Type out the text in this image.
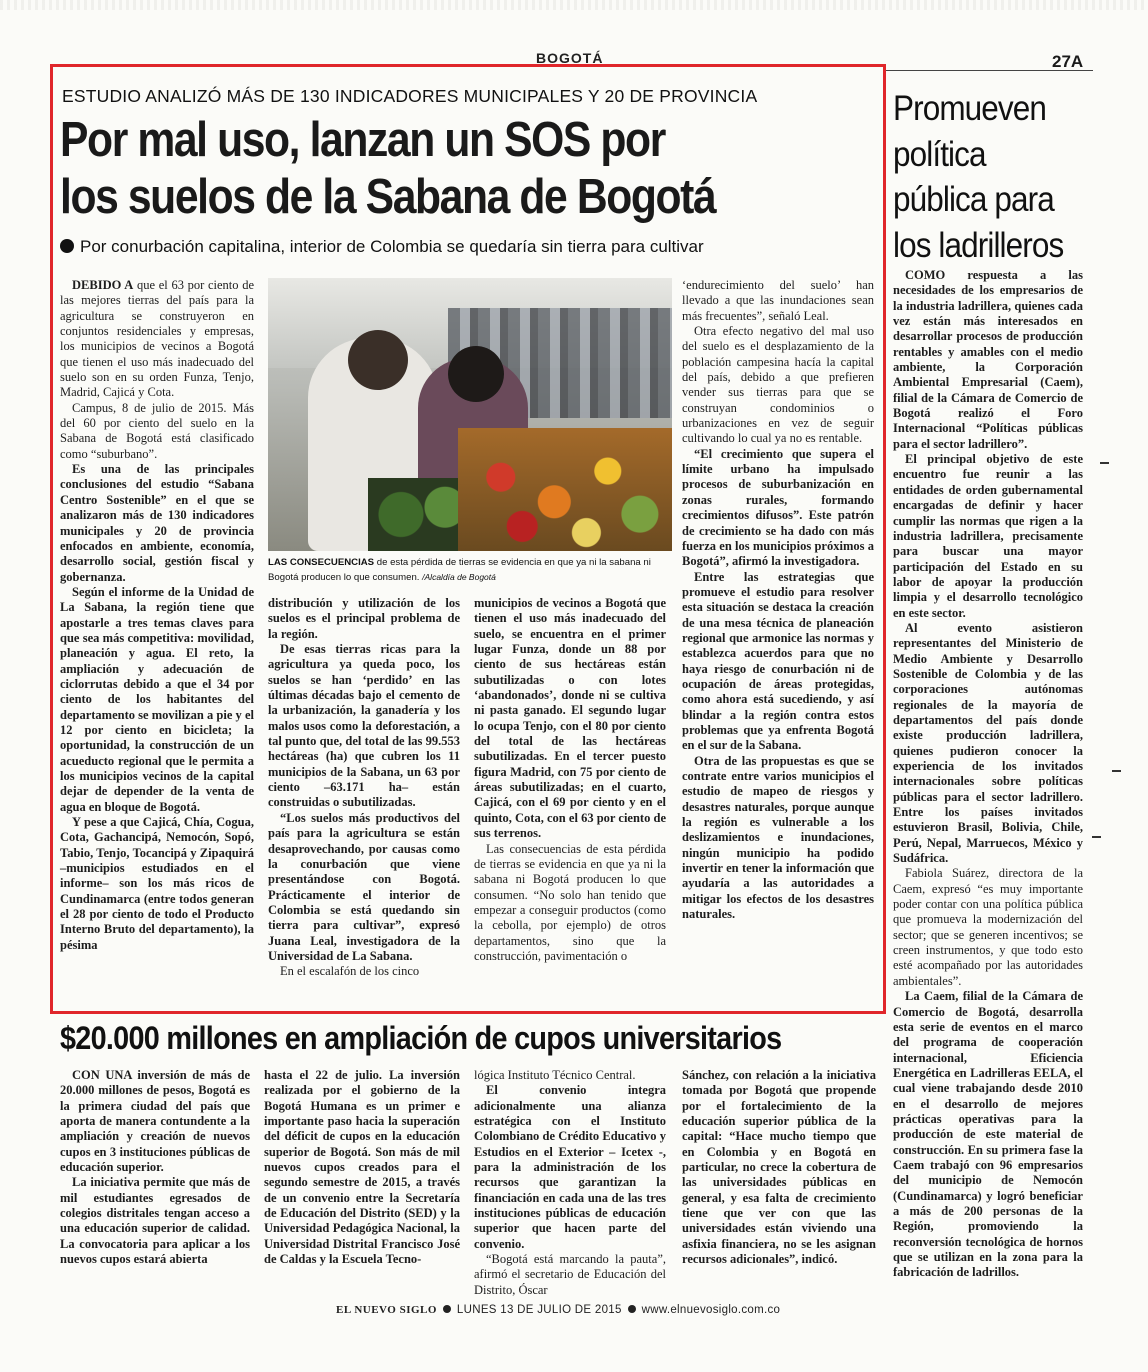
BOGOTÁ	27A
ESTUDIO ANALIZÓ MÁS DE 130 INDICADORES MUNICIPALES Y 20 DE PROVINCIA
Por mal uso, lanzan un SOS por
los suelos de la Sabana de Bogotá
Por conurbación capitalina, interior de Colombia se quedaría sin tierra para cultivar

DEBIDO A que el 63 por ciento de las mejores tierras del país para la agricultura se construyeron en conjuntos residenciales y empresas, los municipios de vecinos a Bogotá que tienen el uso más inadecuado del suelo son en su orden Funza, Tenjo, Madrid, Cajicá y Cota.

Campus, 8 de julio de 2015. Más del 60 por ciento del suelo en la Sabana de Bogotá está clasificado como “suburbano”.

Es una de las principales conclusiones del estudio “Sabana Centro Sostenible” en el que se analizaron más de 130 indicadores municipales y 20 de provincia enfocados en ambiente, economía, desarrollo social, gestión fiscal y gobernanza.

Según el informe de la Unidad de La Sabana, la región tiene que apostarle a tres temas claves para que sea más competitiva: movilidad, planeación y agua. El reto, la ampliación y adecuación de ciclorrutas debido a que el 34 por ciento de los habitantes del departamento se movilizan a pie y el 12 por ciento en bicicleta; la oportunidad, la construcción de un acueducto regional que le permita a los municipios vecinos de la capital dejar de depender de la venta de agua en bloque de Bogotá.

Y pese a que Cajicá, Chía, Cogua, Cota, Gachancipá, Nemocón, Sopó, Tabio, Tenjo, Tocancipá y Zipaquirá –municipios estudiados en el informe– son los más ricos de Cundinamarca (entre todos generan el 28 por ciento de todo el Producto Interno Bruto del departamento), la pésima

LAS CONSECUENCIAS de esta pérdida de tierras se evidencia en que ya ni la sabana ni Bogotá producen lo que consumen. /Alcaldía de Bogotá

distribución y utilización de los suelos es el principal problema de la región.

De esas tierras ricas para la agricultura ya queda poco, los suelos se han ‘perdido’ en las últimas décadas bajo el cemento de la urbanización, la ganadería y los malos usos como la deforestación, a tal punto que, del total de las 99.553 hectáreas (ha) que cubren los 11 municipios de la Sabana, un 63 por ciento –63.171 ha– están construidas o subutilizadas.

“Los suelos más productivos del país para la agricultura se están desaprovechando, por causas como la conurbación que viene presentándose con Bogotá. Prácticamente el interior de Colombia se está quedando sin tierra para cultivar”, expresó Juana Leal, investigadora de la Universidad de La Sabana.

En el escalafón de los cinco

municipios de vecinos a Bogotá que tienen el uso más inadecuado del suelo, se encuentra en el primer lugar Funza, donde un 88 por ciento de sus hectáreas están subutilizadas o con lotes ‘abandonados’, donde ni se cultiva ni pasta ganado. El segundo lugar lo ocupa Tenjo, con el 80 por ciento del total de las hectáreas subutilizadas. En el tercer puesto figura Madrid, con 75 por ciento de áreas subutilizadas; en el cuarto, Cajicá, con el 69 por ciento y en el quinto, Cota, con el 63 por ciento de sus terrenos.

Las consecuencias de esta pérdida de tierras se evidencia en que ya ni la sabana ni Bogotá producen lo que consumen. “No solo han tenido que empezar a conseguir productos (como la cebolla, por ejemplo) de otros departamentos, sino que la construcción, pavimentación o

‘endurecimiento del suelo’ han llevado a que las inundaciones sean más frecuentes”, señaló Leal.

Otra efecto negativo del mal uso del suelo es el desplazamiento de la población campesina hacía la capital del país, debido a que prefieren vender sus tierras para que se construyan condominios o urbanizaciones en vez de seguir cultivando lo cual ya no es rentable.

“El crecimiento que supera el límite urbano ha impulsado procesos de suburbanización en zonas rurales, formando crecimientos difusos”. Este patrón de crecimiento se ha dado con más fuerza en los municipios próximos a Bogotá”, afirmó la investigadora.

Entre las estrategias que promueve el estudio para resolver esta situación se destaca la creación de una mesa técnica de planeación regional que armonice las normas y establezca acuerdos para que no haya riesgo de conurbación ni de ocupación de áreas protegidas, como ahora está sucediendo, y así blindar a la región contra estos problemas que ya enfrenta Bogotá en el sur de la Sabana.

Otra de las propuestas es que se contrate entre varios municipios el estudio de mapeo de riesgos y desastres naturales, porque aunque la región es vulnerable a los deslizamientos e inundaciones, ningún municipio ha podido invertir en tener la información que ayudaría a las autoridades a mitigar los efectos de los desastres naturales.

Promueven
política
pública para
los ladrilleros

COMO respuesta a las necesidades de los empresarios de la industria ladrillera, quienes cada vez están más interesados en desarrollar procesos de producción rentables y amables con el medio ambiente, la Corporación Ambiental Empresarial (Caem), filial de la Cámara de Comercio de Bogotá realizó el Foro Internacional “Políticas públicas para el sector ladrillero”.

El principal objetivo de este encuentro fue reunir a las entidades de orden gubernamental encargadas de definir y hacer cumplir las normas que rigen a la industria ladrillera, precisamente para buscar una mayor participación del Estado en su labor de apoyar la producción limpia y el desarrollo tecnológico en este sector.

Al evento asistieron representantes del Ministerio de Medio Ambiente y Desarrollo Sostenible de Colombia y de las corporaciones autónomas regionales de la mayoría de departamentos del país donde existe producción ladrillera, quienes pudieron conocer la experiencia de los invitados internacionales sobre políticas públicas para el sector ladrillero. Entre los países invitados estuvieron Brasil, Bolivia, Chile, Perú, Nepal, Marruecos, México y Sudáfrica.

Fabiola Suárez, directora de la Caem, expresó “es muy importante poder contar con una política pública que promueva la modernización del sector; que se generen incentivos; se creen instrumentos, y que todo esto esté acompañado por las autoridades ambientales”.

La Caem, filial de la Cámara de Comercio de Bogotá, desarrolla esta serie de eventos en el marco del programa de cooperación internacional, Eficiencia Energética en Ladrilleras EELA, el cual viene trabajando desde 2010 en el desarrollo de mejores prácticas operativas para la producción de este material de construcción. En su primera fase la Caem trabajó con 96 empresarios del municipio de Nemocón (Cundinamarca) y logró beneficiar a más de 200 personas de la Región, promoviendo la reconversión tecnológica de hornos que se utilizan en la zona para la fabricación de ladrillos.

$20.000 millones en ampliación de cupos universitarios

CON UNA inversión de más de 20.000 millones de pesos, Bogotá es la primera ciudad del país que aporta de manera contundente a la ampliación y creación de nuevos cupos en 3 instituciones públicas de educación superior.

La iniciativa permite que más de mil estudiantes egresados de colegios distritales tengan acceso a una educación superior de calidad. La convocatoria para aplicar a los nuevos cupos estará abierta

hasta el 22 de julio. La inversión realizada por el gobierno de la Bogotá Humana es un primer e importante paso hacia la superación del déficit de cupos en la educación superior de Bogotá. Son más de mil nuevos cupos creados para el segundo semestre de 2015, a través de un convenio entre la Secretaría de Educación del Distrito (SED) y la Universidad Pedagógica Nacional, la Universidad Distrital Francisco José de Caldas y la Escuela Tecno-

lógica Instituto Técnico Central.

El convenio integra adicionalmente una alianza estratégica con el Instituto Colombiano de Crédito Educativo y Estudios en el Exterior – Icetex -, para la administración de los recursos que garantizan la financiación en cada una de las tres instituciones públicas de educación superior que hacen parte del convenio.

“Bogotá está marcando la pauta”, afirmó el secretario de Educación del Distrito, Óscar

Sánchez, con relación a la iniciativa tomada por Bogotá que propende por el fortalecimiento de la educación superior pública de la capital: “Hace mucho tiempo que en Colombia y en Bogotá en particular, no crece la cobertura de las universidades públicas en general, y esa falta de crecimiento tiene que ver con que las universidades están viviendo una asfixia financiera, no se les asignan recursos adicionales”, indicó.

EL NUEVO SIGLO LUNES 13 DE JULIO DE 2015 www.elnuevosiglo.com.co
